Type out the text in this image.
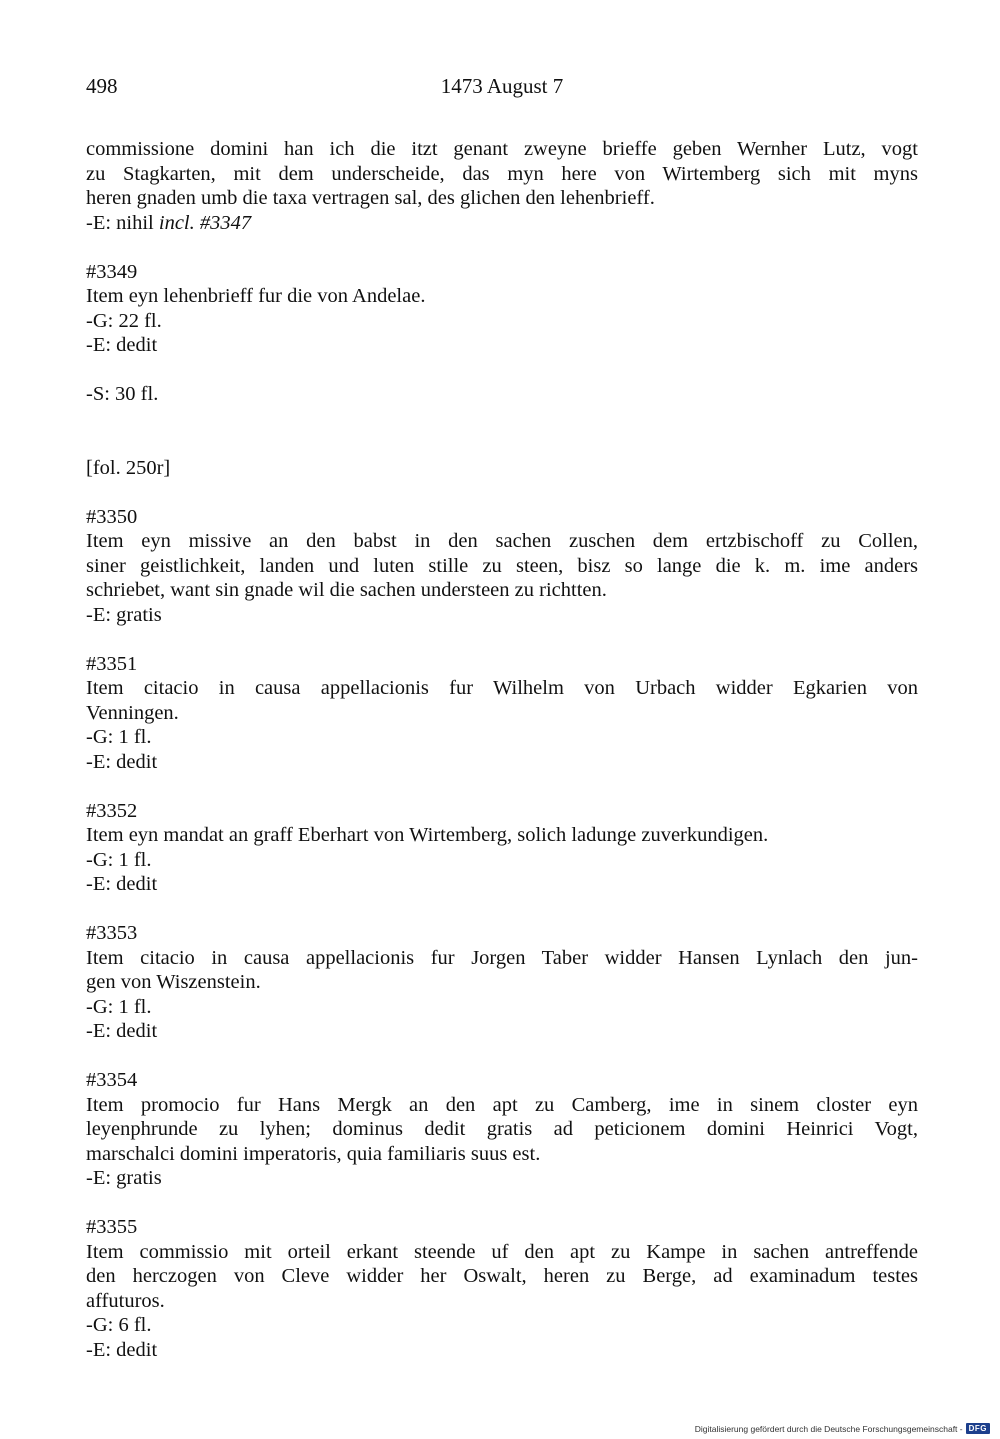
498	1473 August 7
commissione domini han ich die itzt genant zweyne brieffe geben Wernher Lutz, vogt
zu Stagkarten, mit dem underscheide, das myn here von Wirtemberg sich mit myns
heren gnaden umb die taxa vertragen sal, des glichen den lehenbrieff.
-E: nihil incl. #3347
#3349
Item eyn lehenbrieff fur die von Andelae.
-G: 22 fl.
-E: dedit
-S: 30 fl.
[fol. 250r]
#3350
Item eyn missive an den babst in den sachen zuschen dem ertzbischoff zu Collen,
siner geistlichkeit, landen und luten stille zu steen, bisz so lange die k. m. ime anders
schriebet, want sin gnade wil die sachen understeen zu richtten.
-E: gratis
#3351
Item citacio in causa appellacionis fur Wilhelm von Urbach widder Egkarien von
Venningen.
-G: 1 fl.
-E: dedit
#3352
Item eyn mandat an graff Eberhart von Wirtemberg, solich ladunge zuverkundigen.
-G: 1 fl.
-E: dedit
#3353
Item citacio in causa appellacionis fur Jorgen Taber widder Hansen Lynlach den jun-
gen von Wiszenstein.
-G: 1 fl.
-E: dedit
#3354
Item promocio fur Hans Mergk an den apt zu Camberg, ime in sinem closter eyn
leyenphrunde zu lyhen; dominus dedit gratis ad peticionem domini Heinrici Vogt,
marschalci domini imperatoris, quia familiaris suus est.
-E: gratis
#3355
Item commissio mit orteil erkant steende uf den apt zu Kampe in sachen antreffende
den herczogen von Cleve widder her Oswalt, heren zu Berge, ad examinadum testes
affuturos.
-G: 6 fl.
-E: dedit
Digitalisierung gefördert durch die Deutsche Forschungsgemeinschaft - DFG
